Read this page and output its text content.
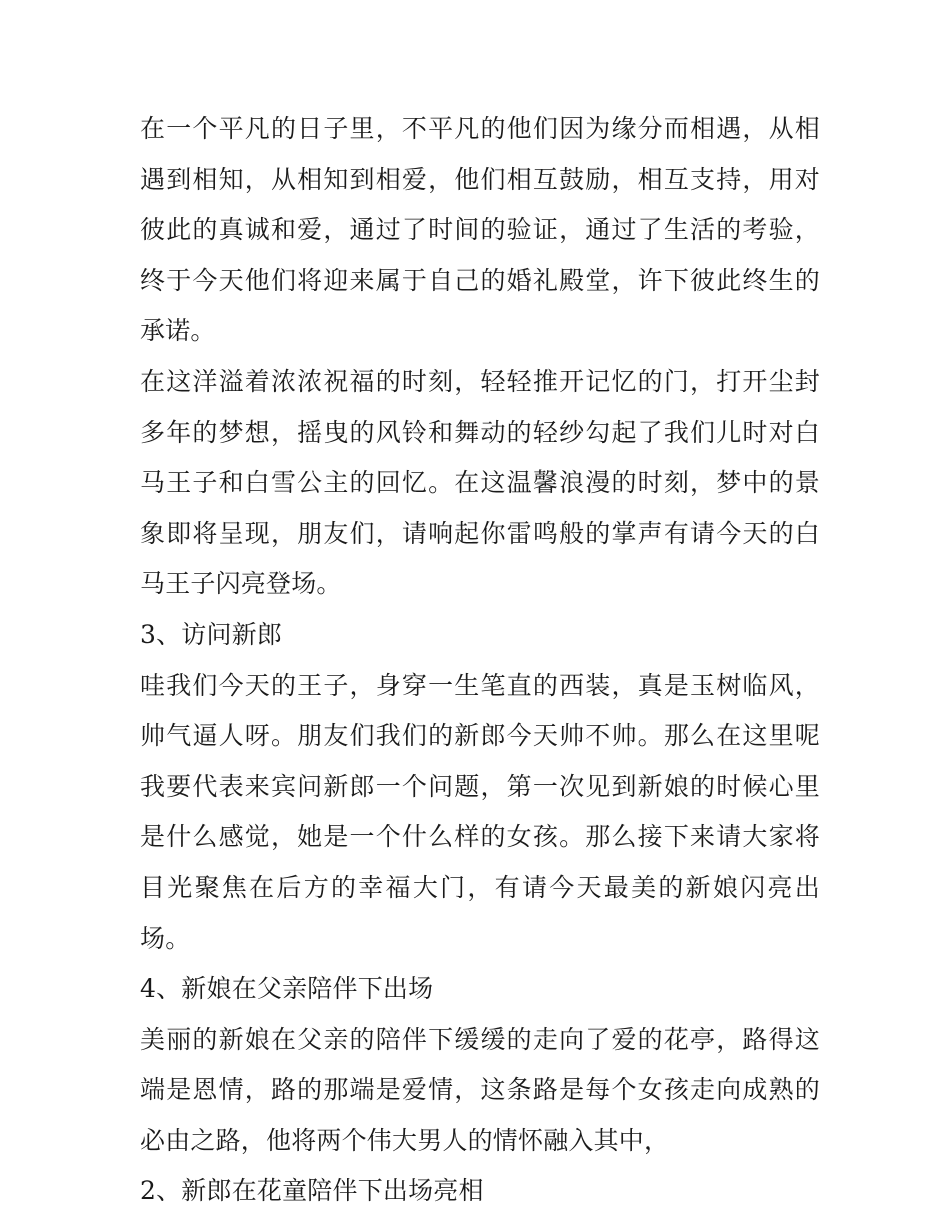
在一个平凡的日子里，不平凡的他们因为缘分而相遇，从相遇到相知，从相知到相爱，他们相互鼓励，相互支持，用对彼此的真诚和爱，通过了时间的验证，通过了生活的考验，终于今天他们将迎来属于自己的婚礼殿堂，许下彼此终生的承诺。

在这洋溢着浓浓祝福的时刻，轻轻推开记忆的门，打开尘封多年的梦想，摇曳的风铃和舞动的轻纱勾起了我们儿时对白马王子和白雪公主的回忆。在这温馨浪漫的时刻，梦中的景象即将呈现，朋友们，请响起你雷鸣般的掌声有请今天的白马王子闪亮登场。

3、访问新郎

哇我们今天的王子，身穿一生笔直的西装，真是玉树临风，帅气逼人呀。朋友们我们的新郎今天帅不帅。那么在这里呢我要代表来宾问新郎一个问题，第一次见到新娘的时候心里是什么感觉，她是一个什么样的女孩。那么接下来请大家将目光聚焦在后方的幸福大门，有请今天最美的新娘闪亮出场。

4、新娘在父亲陪伴下出场

美丽的新娘在父亲的陪伴下缓缓的走向了爱的花亭，路得这端是恩情，路的那端是爱情，这条路是每个女孩走向成熟的必由之路，他将两个伟大男人的情怀融入其中，

2、新郎在花童陪伴下出场亮相
